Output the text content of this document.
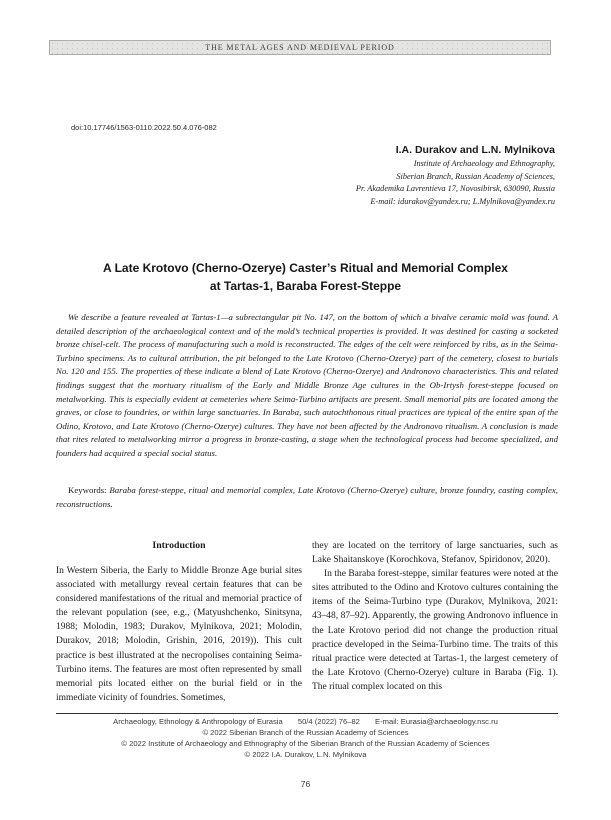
THE METAL AGES AND MEDIEVAL PERIOD
doi:10.17746/1563-0110.2022.50.4.076-082
I.A. Durakov and L.N. Mylnikova
Institute of Archaeology and Ethnography,
Siberian Branch, Russian Academy of Sciences,
Pr. Akademika Lavrentieva 17, Novosibirsk, 630090, Russia
E-mail: idurakov@yandex.ru; L.Mylnikova@yandex.ru
A Late Krotovo (Cherno-Ozerye) Caster’s Ritual and Memorial Complex
at Tartas-1, Baraba Forest-Steppe
We describe a feature revealed at Tartas-1—a subrectangular pit No. 147, on the bottom of which a bivalve ceramic mold was found. A detailed description of the archaeological context and of the mold’s technical properties is provided. It was destined for casting a socketed bronze chisel-celt. The process of manufacturing such a mold is reconstructed. The edges of the celt were reinforced by ribs, as in the Seima-Turbino specimens. As to cultural attribution, the pit belonged to the Late Krotovo (Cherno-Ozerye) part of the cemetery, closest to burials No. 120 and 155. The properties of these indicate a blend of Late Krotovo (Cherno-Ozerye) and Andronovo characteristics. This and related findings suggest that the mortuary ritualism of the Early and Middle Bronze Age cultures in the Ob-Irtysh forest-steppe focused on metalworking. This is especially evident at cemeteries where Seima-Turbino artifacts are present. Small memorial pits are located among the graves, or close to foundries, or within large sanctuaries. In Baraba, such autochthonous ritual practices are typical of the entire span of the Odino, Krotovo, and Late Krotovo (Cherno-Ozerye) cultures. They have not been affected by the Andronovo ritualism. A conclusion is made that rites related to metalworking mirror a progress in bronze-casting, a stage when the technological process had become specialized, and founders had acquired a special social status.
Keywords: Baraba forest-steppe, ritual and memorial complex, Late Krotovo (Cherno-Ozerye) culture, bronze foundry, casting complex, reconstructions.
Introduction

In Western Siberia, the Early to Middle Bronze Age burial sites associated with metallurgy reveal certain features that can be considered manifestations of the ritual and memorial practice of the relevant population (see, e.g., (Matyushchenko, Sinitsyna, 1988; Molodin, 1983; Durakov, Mylnikova, 2021; Molodin, Durakov, 2018; Molodin, Grishin, 2016, 2019)). This cult practice is best illustrated at the necropolises containing Seima-Turbino items. The features are most often represented by small memorial pits located either on the burial field or in the immediate vicinity of foundries. Sometimes,

they are located on the territory of large sanctuaries, such as Lake Shaitanskoye (Korochkova, Stefanov, Spiridonov, 2020).

In the Baraba forest-steppe, similar features were noted at the sites attributed to the Odino and Krotovo cultures containing the items of the Seima-Turbino type (Durakov, Mylnikova, 2021: 43–48, 87–92). Apparently, the growing Andronovo influence in the Late Krotovo period did not change the production ritual practice developed in the Seima-Turbino time. The traits of this ritual practice were detected at Tartas-1, the largest cemetery of the Late Krotovo (Cherno-Ozerye) culture in Baraba (Fig. 1). The ritual complex located on this

Archaeology, Ethnology & Anthropology of Eurasia 50/4 (2022) 76–82 E-mail: Eurasia@archaeology.nsc.ru
© 2022 Siberian Branch of the Russian Academy of Sciences
© 2022 Institute of Archaeology and Ethnography of the Siberian Branch of the Russian Academy of Sciences
© 2022 I.A. Durakov, L.N. Mylnikova
76
